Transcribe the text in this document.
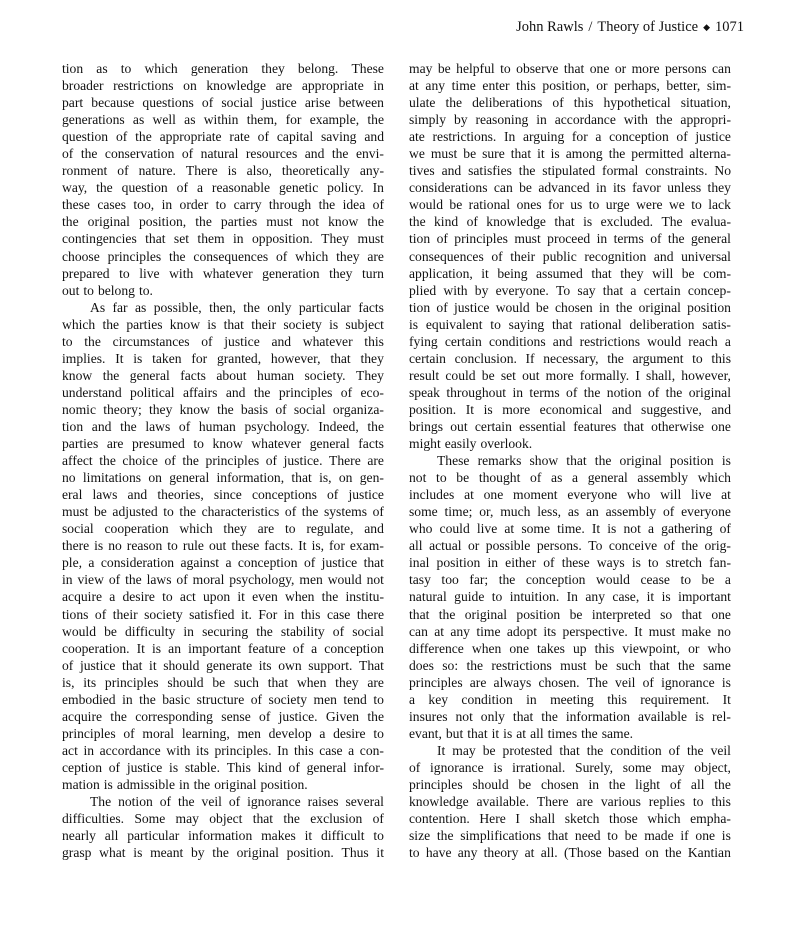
John Rawls / Theory of Justice ◆ 1071
tion as to which generation they belong. These
broader restrictions on knowledge are appropriate in
part because questions of social justice arise between
generations as well as within them, for example, the
question of the appropriate rate of capital saving and
of the conservation of natural resources and the envi-
ronment of nature. There is also, theoretically any-
way, the question of a reasonable genetic policy. In
these cases too, in order to carry through the idea of
the original position, the parties must not know the
contingencies that set them in opposition. They must
choose principles the consequences of which they are
prepared to live with whatever generation they turn
out to belong to.
As far as possible, then, the only particular facts
which the parties know is that their society is subject
to the circumstances of justice and whatever this
implies. It is taken for granted, however, that they
know the general facts about human society. They
understand political affairs and the principles of eco-
nomic theory; they know the basis of social organiza-
tion and the laws of human psychology. Indeed, the
parties are presumed to know whatever general facts
affect the choice of the principles of justice. There are
no limitations on general information, that is, on gen-
eral laws and theories, since conceptions of justice
must be adjusted to the characteristics of the systems of
social cooperation which they are to regulate, and
there is no reason to rule out these facts. It is, for exam-
ple, a consideration against a conception of justice that
in view of the laws of moral psychology, men would not
acquire a desire to act upon it even when the institu-
tions of their society satisfied it. For in this case there
would be difficulty in securing the stability of social
cooperation. It is an important feature of a conception
of justice that it should generate its own support. That
is, its principles should be such that when they are
embodied in the basic structure of society men tend to
acquire the corresponding sense of justice. Given the
principles of moral learning, men develop a desire to
act in accordance with its principles. In this case a con-
ception of justice is stable. This kind of general infor-
mation is admissible in the original position.
The notion of the veil of ignorance raises several
difficulties. Some may object that the exclusion of
nearly all particular information makes it difficult to
grasp what is meant by the original position. Thus it
may be helpful to observe that one or more persons can
at any time enter this position, or perhaps, better, sim-
ulate the deliberations of this hypothetical situation,
simply by reasoning in accordance with the appropri-
ate restrictions. In arguing for a conception of justice
we must be sure that it is among the permitted alterna-
tives and satisfies the stipulated formal constraints. No
considerations can be advanced in its favor unless they
would be rational ones for us to urge were we to lack
the kind of knowledge that is excluded. The evalua-
tion of principles must proceed in terms of the general
consequences of their public recognition and universal
application, it being assumed that they will be com-
plied with by everyone. To say that a certain concep-
tion of justice would be chosen in the original position
is equivalent to saying that rational deliberation satis-
fying certain conditions and restrictions would reach a
certain conclusion. If necessary, the argument to this
result could be set out more formally. I shall, however,
speak throughout in terms of the notion of the original
position. It is more economical and suggestive, and
brings out certain essential features that otherwise one
might easily overlook.
These remarks show that the original position is
not to be thought of as a general assembly which
includes at one moment everyone who will live at
some time; or, much less, as an assembly of everyone
who could live at some time. It is not a gathering of
all actual or possible persons. To conceive of the orig-
inal position in either of these ways is to stretch fan-
tasy too far; the conception would cease to be a
natural guide to intuition. In any case, it is important
that the original position be interpreted so that one
can at any time adopt its perspective. It must make no
difference when one takes up this viewpoint, or who
does so: the restrictions must be such that the same
principles are always chosen. The veil of ignorance is
a key condition in meeting this requirement. It
insures not only that the information available is rel-
evant, but that it is at all times the same.
It may be protested that the condition of the veil
of ignorance is irrational. Surely, some may object,
principles should be chosen in the light of all the
knowledge available. There are various replies to this
contention. Here I shall sketch those which empha-
size the simplifications that need to be made if one is
to have any theory at all. (Those based on the Kantian
